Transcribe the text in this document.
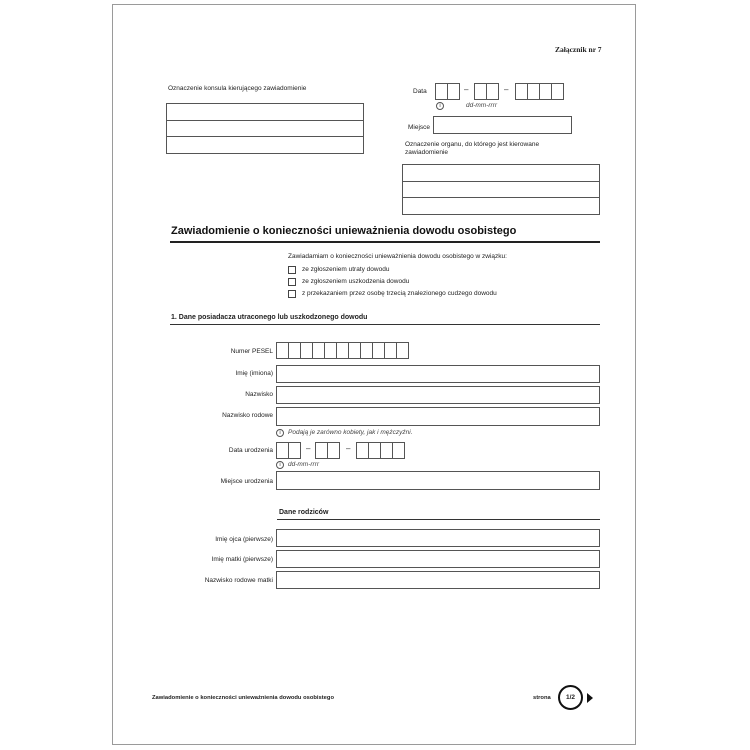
Załącznik nr 7
Oznaczenie konsula kierującego zawiadomienie	Data	–	–
i	dd-mm-rrrr
Miejsce
Oznaczenie organu, do którego jest kierowane zawiadomienie
Zawiadomienie o konieczności unieważnienia dowodu osobistego
Zawiadamiam o konieczności unieważnienia dowodu osobistego w związku:
ze zgłoszeniem utraty dowodu
ze zgłoszeniem uszkodzenia dowodu
z przekazaniem przez osobę trzecią znalezionego cudzego dowodu
1. Dane posiadacza utraconego lub uszkodzonego dowodu
Numer PESEL
Imię (imiona)
Nazwisko
Nazwisko rodowe
i	Podają je zarówno kobiety, jak i mężczyźni.
Data urodzenia	–	–
i	dd-mm-rrrr
Miejsce urodzenia
Dane rodziców
Imię ojca (pierwsze)
Imię matki (pierwsze)
Nazwisko rodowe matki
Zawiadomienie o konieczności unieważnienia dowodu osobistego	strona	1/2
